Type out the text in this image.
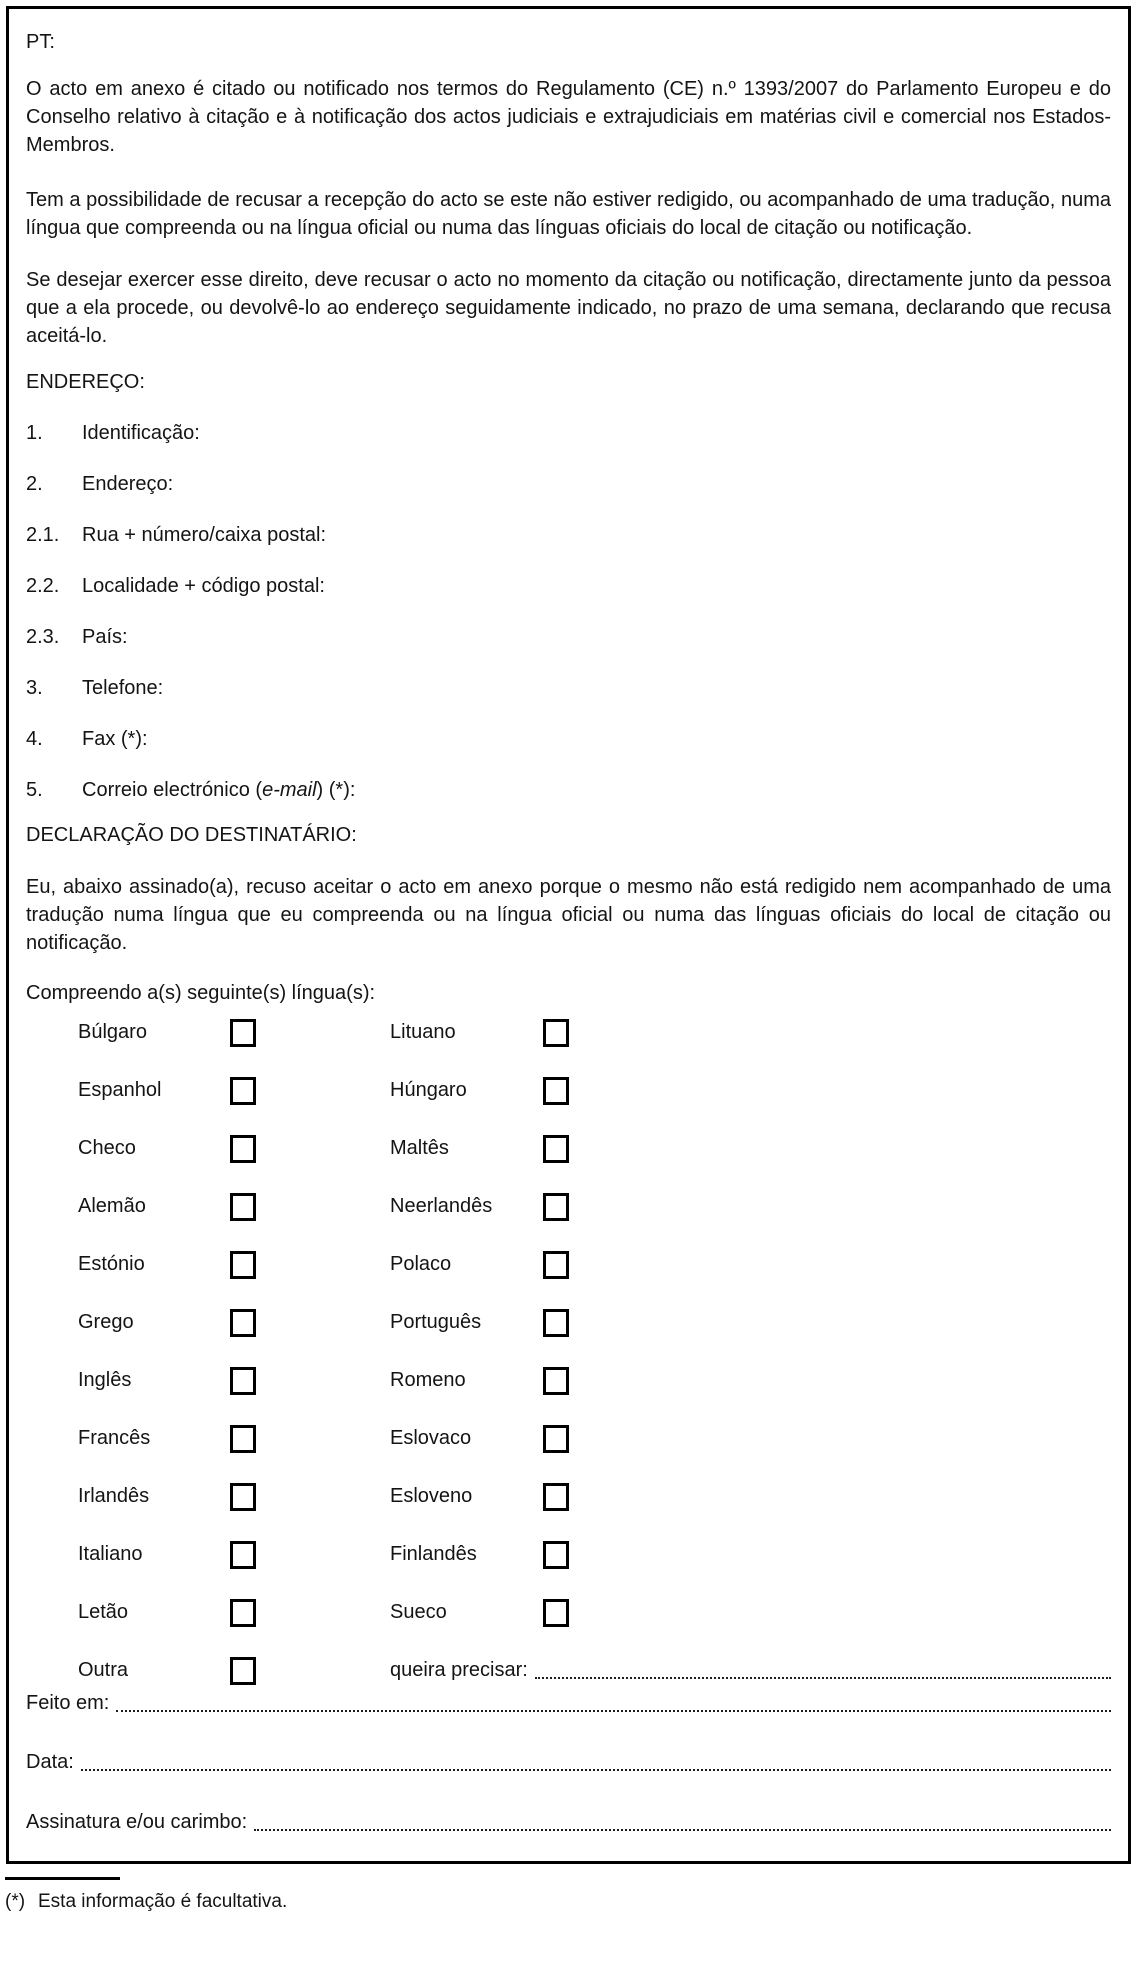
PT:

O acto em anexo é citado ou notificado nos termos do Regulamento (CE) n.º 1393/2007 do Parlamento Europeu e do Conselho relativo à citação e à notificação dos actos judiciais e extrajudiciais em matérias civil e comercial nos Estados-Membros.

Tem a possibilidade de recusar a recepção do acto se este não estiver redigido, ou acompanhado de uma tradução, numa língua que compreenda ou na língua oficial ou numa das línguas oficiais do local de citação ou notificação.

Se desejar exercer esse direito, deve recusar o acto no momento da citação ou notificação, directamente junto da pessoa que a ela procede, ou devolvê-lo ao endereço seguidamente indicado, no prazo de uma semana, declarando que recusa aceitá-lo.

ENDEREÇO:

1.	Identificação:
2.	Endereço:
2.1.	Rua + número/caixa postal:
2.2.	Localidade + código postal:
2.3.	País:
3.	Telefone:
4.	Fax (*):
5.	Correio electrónico (e-mail) (*):

DECLARAÇÃO DO DESTINATÁRIO:

Eu, abaixo assinado(a), recuso aceitar o acto em anexo porque o mesmo não está redigido nem acompanhado de uma tradução numa língua que eu compreenda ou na língua oficial ou numa das línguas oficiais do local de citação ou notificação.

Compreendo a(s) seguinte(s) língua(s):

Búlgaro	Lituano
Espanhol	Húngaro
Checo	Maltês
Alemão	Neerlandês
Estónio	Polaco
Grego	Português
Inglês	Romeno
Francês	Eslovaco
Irlandês	Esloveno
Italiano	Finlandês
Letão	Sueco
Outra	queira precisar:
Feito em:
Data:
Assinatura e/ou carimbo:
(*) Esta informação é facultativa.
